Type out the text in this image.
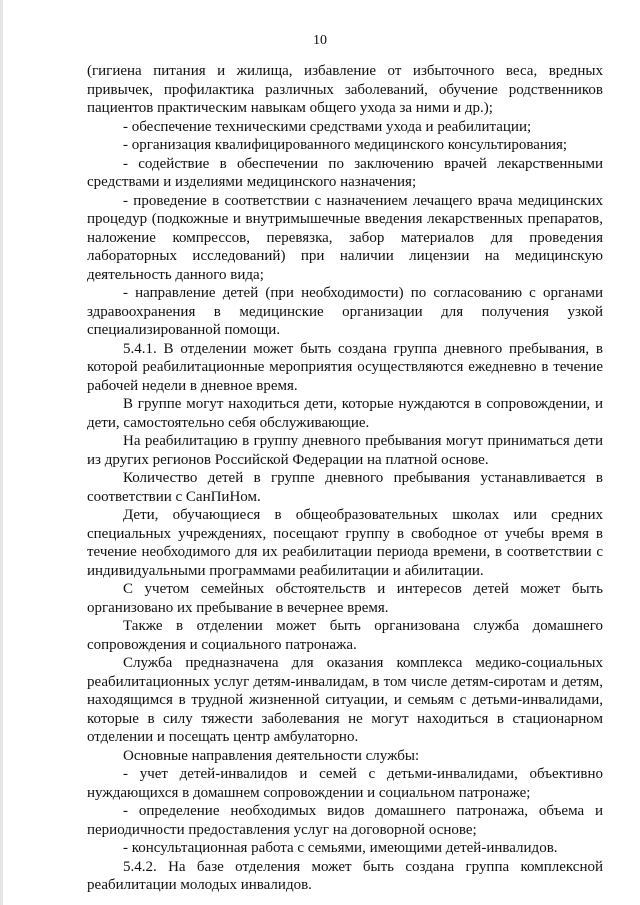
10

(гигиена питания и жилища, избавление от избыточного веса, вредных привычек, профилактика различных заболеваний, обучение родственников пациентов практическим навыкам общего ухода за ними и др.);

- обеспечение техническими средствами ухода и реабилитации;

- организация квалифицированного медицинского консультирования;

- содействие в обеспечении по заключению врачей лекарственными средствами и изделиями медицинского назначения;

- проведение в соответствии с назначением лечащего врача медицинских процедур (подкожные и внутримышечные введения лекарственных препаратов, наложение компрессов, перевязка, забор материалов для проведения лабораторных исследований) при наличии лицензии на медицинскую деятельность данного вида;

- направление детей (при необходимости) по согласованию с органами здравоохранения в медицинские организации для получения узкой специализированной помощи.

5.4.1. В отделении может быть создана группа дневного пребывания, в которой реабилитационные мероприятия осуществляются ежедневно в течение рабочей недели в дневное время.

В группе могут находиться дети, которые нуждаются в сопровождении, и дети, самостоятельно себя обслуживающие.

На реабилитацию в группу дневного пребывания могут приниматься дети из других регионов Российской Федерации на платной основе.

Количество детей в группе дневного пребывания устанавливается в соответствии с СанПиНом.

Дети, обучающиеся в общеобразовательных школах или средних специальных учреждениях, посещают группу в свободное от учебы время в течение необходимого для их реабилитации периода времени, в соответствии с индивидуальными программами реабилитации и абилитации.

С учетом семейных обстоятельств и интересов детей может быть организовано их пребывание в вечернее время.

Также в отделении может быть организована служба домашнего сопровождения и социального патронажа.

Служба предназначена для оказания комплекса медико-социальных реабилитационных услуг детям-инвалидам, в том числе детям-сиротам и детям, находящимся в трудной жизненной ситуации, и семьям с детьми-инвалидами, которые в силу тяжести заболевания не могут находиться в стационарном отделении и посещать центр амбулаторно.

Основные направления деятельности службы:

- учет детей-инвалидов и семей с детьми-инвалидами, объективно нуждающихся в домашнем сопровождении и социальном патронаже;

- определение необходимых видов домашнего патронажа, объема и периодичности предоставления услуг на договорной основе;

- консультационная работа с семьями, имеющими детей-инвалидов.

5.4.2. На базе отделения может быть создана группа комплексной реабилитации молодых инвалидов.
